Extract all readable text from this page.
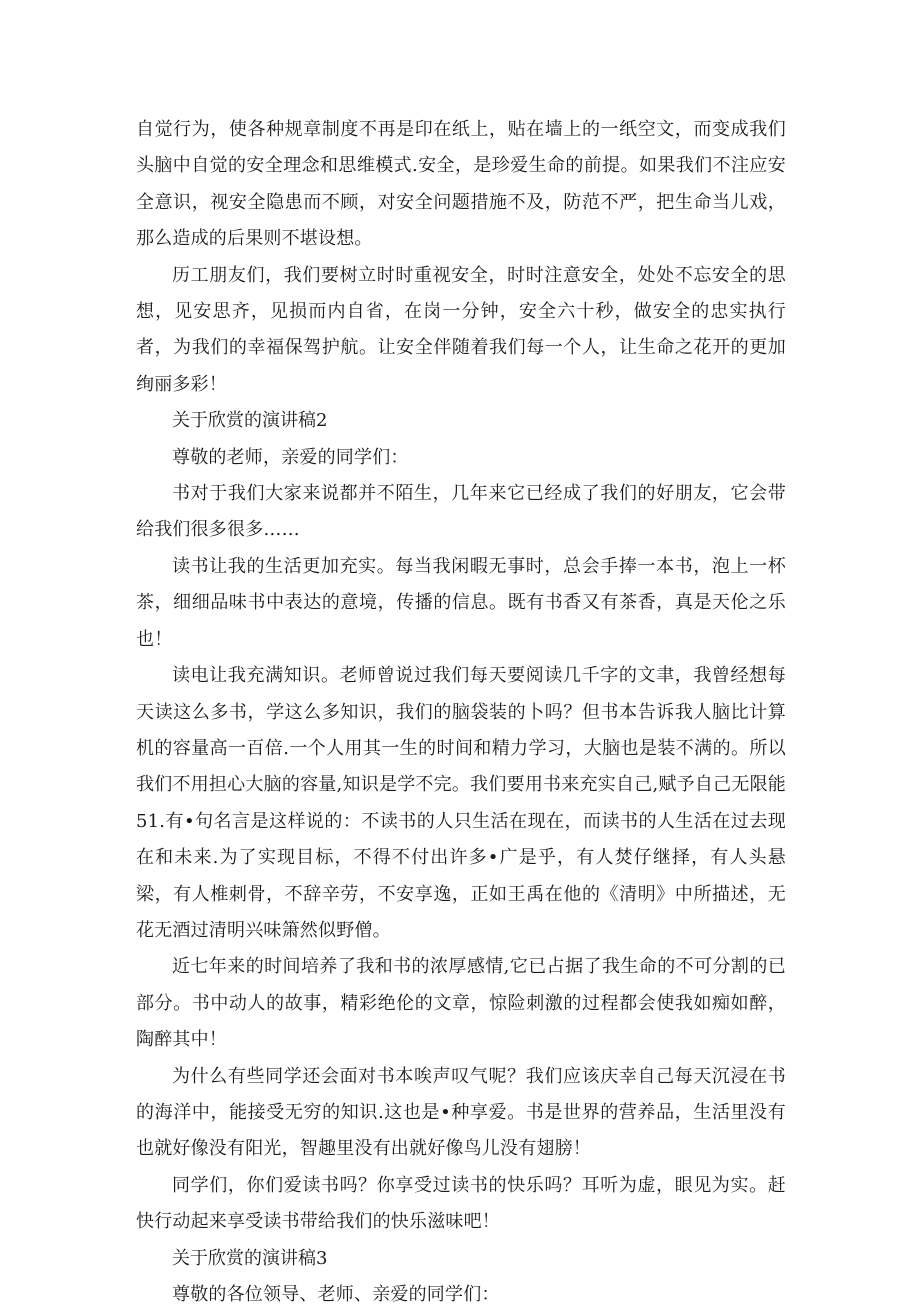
自觉行为，使各种规章制度不再是印在纸上，贴在墙上的一纸空文，而变成我们头脑中自觉的安全理念和思维模式.安全，是珍爱生命的前提。如果我们不注应安全意识，视安全隐患而不顾，对安全问题措施不及，防范不严，把生命当儿戏，那么造成的后果则不堪设想。

历工朋友们，我们要树立时时重视安全，时时注意安全，处处不忘安全的思想，见安思齐，见损而内自省，在岗一分钟，安全六十秒，做安全的忠实执行者，为我们的幸福保驾护航。让安全伴随着我们每一个人，让生命之花开的更加绚丽多彩！

关于欣赏的演讲稿2

尊敬的老师，亲爱的同学们：

书对于我们大家来说都并不陌生，几年来它已经成了我们的好朋友，它会带给我们很多很多……

读书让我的生活更加充实。每当我闲暇无事时，总会手捧一本书，泡上一杯茶，细细品味书中表达的意境，传播的信息。既有书香又有茶香，真是天伦之乐也！

读电让我充满知识。老师曾说过我们每天要阅读几千字的文聿，我曾经想每天读这么多书，学这么多知识，我们的脑袋装的卜吗？但书本告诉我人脑比计算机的容量高一百倍.一个人用其一生的时间和精力学习，大脑也是装不满的。所以我们不用担心大脑的容量,知识是学不完。我们要用书来充实自己,赋予自己无限能51.有•句名言是这样说的：不读书的人只生活在现在，而读书的人生活在过去现在和未来.为了实现目标，不得不付出许多•广是乎，有人焚仔继择，有人头悬梁，有人椎刺骨，不辞辛劳，不安享逸，正如王禹在他的《清明》中所描述，无花无酒过清明兴味箫然似野僧。

近七年来的时间培养了我和书的浓厚感情,它已占据了我生命的不可分割的已部分。书中动人的故事，精彩绝伦的文章，惊险刺激的过程都会使我如痴如醉，陶醉其中！

为什么有些同学还会面对书本唉声叹气呢？我们应该庆幸自己每天沉浸在书的海洋中，能接受无穷的知识.这也是•种享爱。书是世界的营养品，生活里没有也就好像没有阳光，智趣里没有出就好像鸟儿没有翅膀！

同学们，你们爱读书吗？你享受过读书的快乐吗？耳听为虚，眼见为实。赶快行动起来享受读书带给我们的快乐滋味吧！

关于欣赏的演讲稿3

尊敬的各位领导、老师、亲爱的同学们：
